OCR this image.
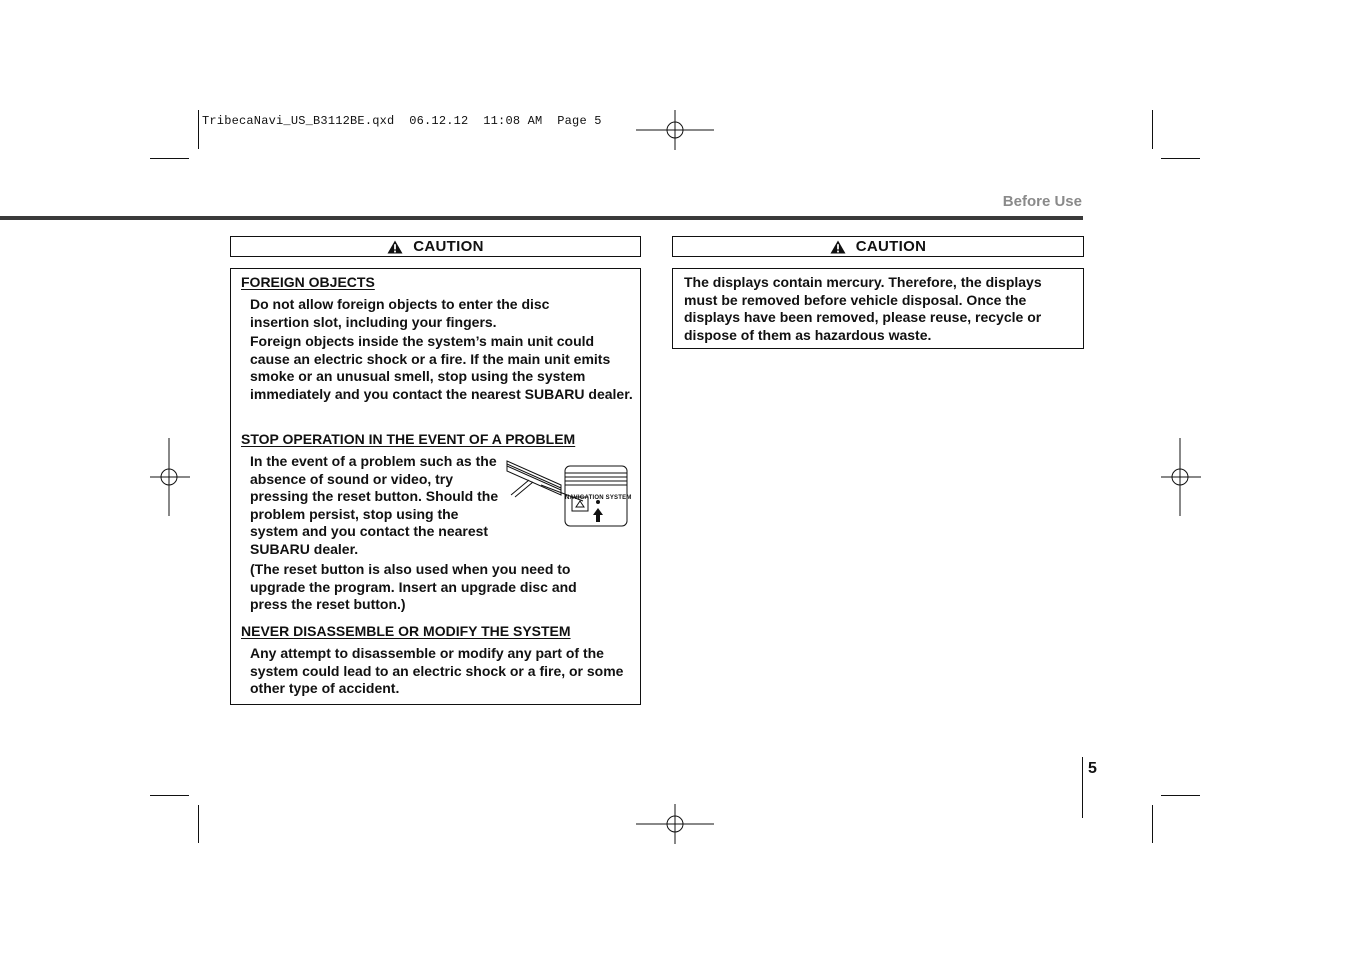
TribecaNavi_US_B3112BE.qxd  06.12.12  11:08 AM  Page 5
Before Use
CAUTION
FOREIGN OBJECTS
Do not allow foreign objects to enter the disc insertion slot, including your fingers.
Foreign objects inside the system’s main unit could cause an electric shock or a fire. If the main unit emits smoke or an unusual smell, stop using the system immediately and you contact the nearest SUBARU dealer.
STOP OPERATION IN THE EVENT OF A PROBLEM
In the event of a problem such as the absence of sound or video, try pressing the reset button. Should the problem persist, stop using the system and you contact the nearest SUBARU dealer.
NAVIGATION SYSTEM
(The reset button is also used when you need to upgrade the program. Insert an upgrade disc and press the reset button.)
NEVER DISASSEMBLE OR MODIFY THE SYSTEM
Any attempt to disassemble or modify any part of the system could lead to an electric shock or a fire, or some other type of accident.
CAUTION
The displays contain mercury. Therefore, the displays must be removed before vehicle disposal. Once the displays have been removed, please reuse, recycle or dispose of them as hazardous waste.
5
